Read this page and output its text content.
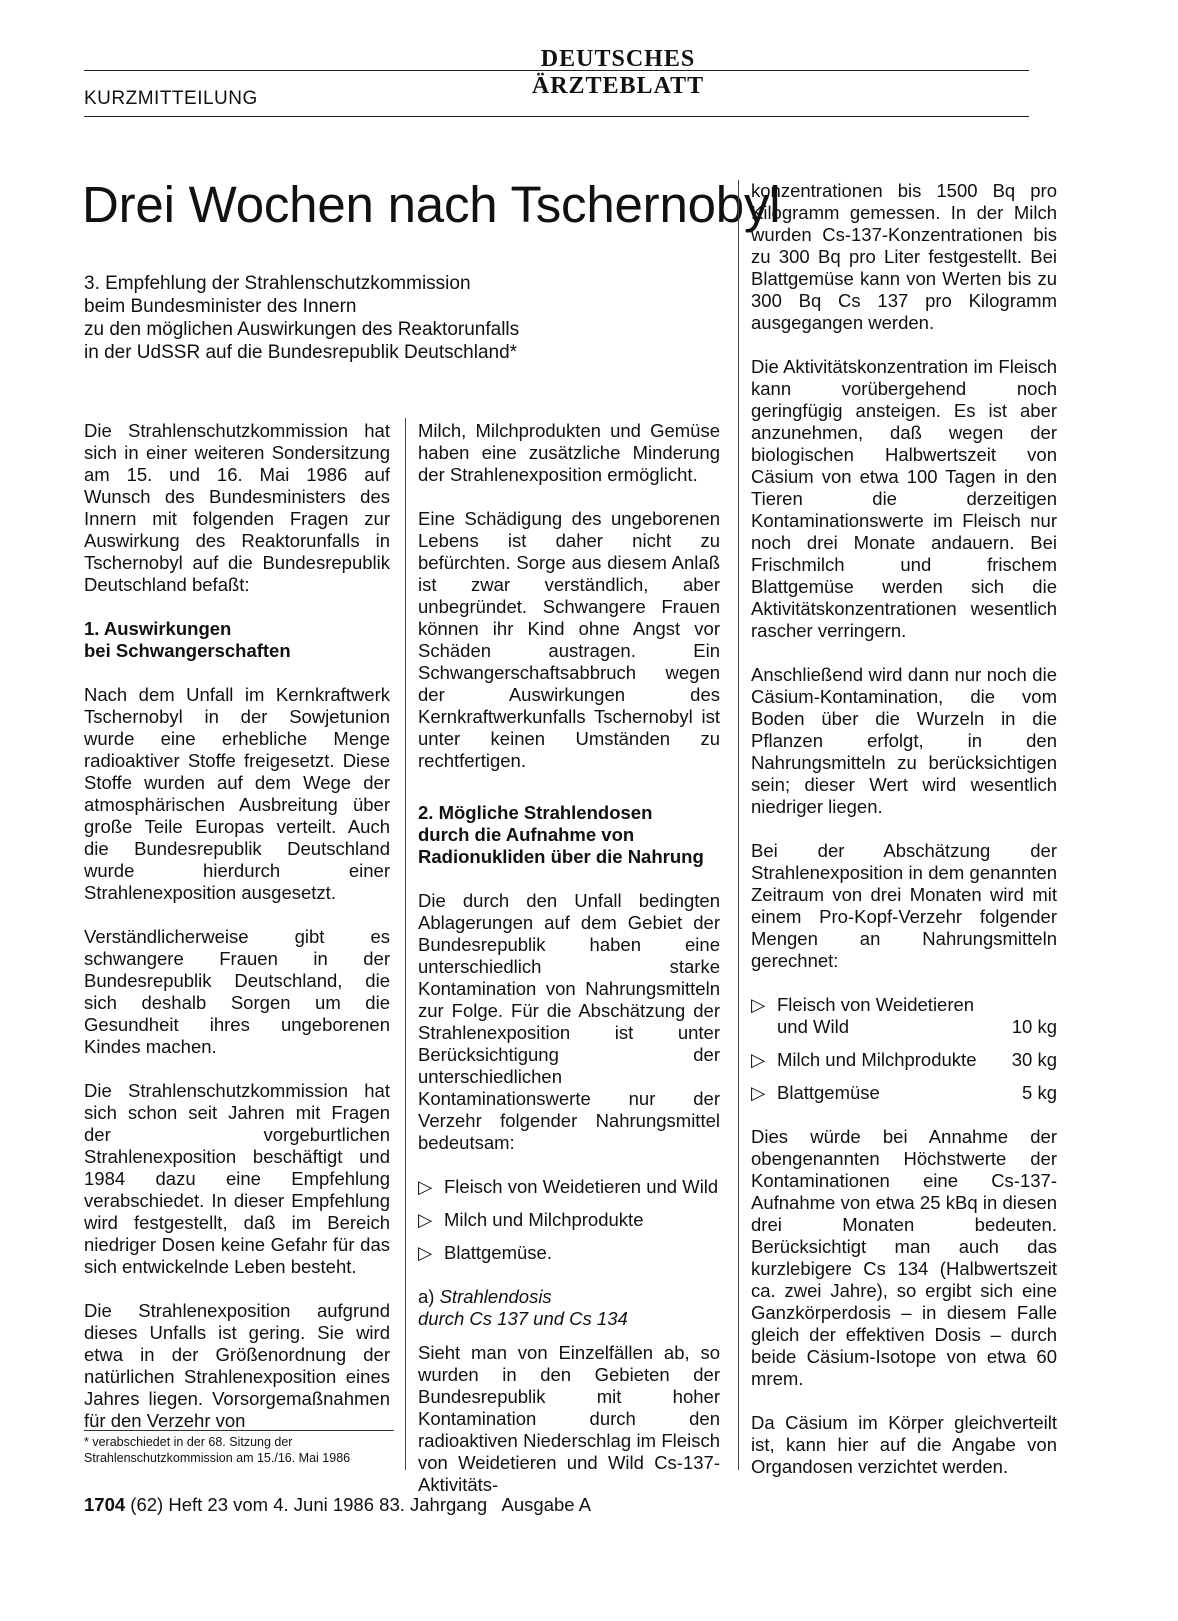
DEUTSCHES ÄRZTEBLATT
KURZMITTEILUNG
Drei Wochen nach Tschernobyl
3. Empfehlung der Strahlenschutzkommission
beim Bundesminister des Innern
zu den möglichen Auswirkungen des Reaktorunfalls
in der UdSSR auf die Bundesrepublik Deutschland*

Die Strahlenschutzkommission hat sich in einer weiteren Sondersitzung am 15. und 16. Mai 1986 auf Wunsch des Bundesministers des Innern mit folgenden Fragen zur Auswirkung des Reaktorunfalls in Tschernobyl auf die Bundesrepublik Deutschland befaßt:

1. Auswirkungen
bei Schwangerschaften

Nach dem Unfall im Kernkraftwerk Tschernobyl in der Sowjetunion wurde eine erhebliche Menge radioaktiver Stoffe freigesetzt. Diese Stoffe wurden auf dem Wege der atmosphärischen Ausbreitung über große Teile Europas verteilt. Auch die Bundesrepublik Deutschland wurde hierdurch einer Strahlenexposition ausgesetzt.

Verständlicherweise gibt es schwangere Frauen in der Bundesrepublik Deutschland, die sich deshalb Sorgen um die Gesundheit ihres ungeborenen Kindes machen.

Die Strahlenschutzkommission hat sich schon seit Jahren mit Fragen der vorgeburtlichen Strahlenexposition beschäftigt und 1984 dazu eine Empfehlung verabschiedet. In dieser Empfehlung wird festgestellt, daß im Bereich niedriger Dosen keine Gefahr für das sich entwickelnde Leben besteht.

Die Strahlenexposition aufgrund dieses Unfalls ist gering. Sie wird etwa in der Größenordnung der natürlichen Strahlenexposition eines Jahres liegen. Vorsorgemaßnahmen für den Verzehr von

* verabschiedet in der 68. Sitzung der Strahlenschutzkommission am 15./16. Mai 1986

Milch, Milchprodukten und Gemüse haben eine zusätzliche Minderung der Strahlenexposition ermöglicht.

Eine Schädigung des ungeborenen Lebens ist daher nicht zu befürchten. Sorge aus diesem Anlaß ist zwar verständlich, aber unbegründet. Schwangere Frauen können ihr Kind ohne Angst vor Schäden austragen. Ein Schwangerschaftsabbruch wegen der Auswirkungen des Kernkraftwerkunfalls Tschernobyl ist unter keinen Umständen zu rechtfertigen.

2. Mögliche Strahlendosen
durch die Aufnahme von Radionukliden über die Nahrung

Die durch den Unfall bedingten Ablagerungen auf dem Gebiet der Bundesrepublik haben eine unterschiedlich starke Kontamination von Nahrungsmitteln zur Folge. Für die Abschätzung der Strahlenexposition ist unter Berücksichtigung der unterschiedlichen Kontaminationswerte nur der Verzehr folgender Nahrungsmittel bedeutsam:

▷ Fleisch von Weidetieren und Wild
▷ Milch und Milchprodukte
▷ Blattgemüse.
a) Strahlendosis
durch Cs 137 und Cs 134

Sieht man von Einzelfällen ab, so wurden in den Gebieten der Bundesrepublik mit hoher Kontamination durch den radioaktiven Niederschlag im Fleisch von Weidetieren und Wild Cs-137-Aktivitäts-

konzentrationen bis 1500 Bq pro Kilogramm gemessen. In der Milch wurden Cs-137-Konzentrationen bis zu 300 Bq pro Liter festgestellt. Bei Blattgemüse kann von Werten bis zu 300 Bq Cs 137 pro Kilogramm ausgegangen werden.

Die Aktivitätskonzentration im Fleisch kann vorübergehend noch geringfügig ansteigen. Es ist aber anzunehmen, daß wegen der biologischen Halbwertszeit von Cäsium von etwa 100 Tagen in den Tieren die derzeitigen Kontaminationswerte im Fleisch nur noch drei Monate andauern. Bei Frischmilch und frischem Blattgemüse werden sich die Aktivitätskonzentrationen wesentlich rascher verringern.

Anschließend wird dann nur noch die Cäsium-Kontamination, die vom Boden über die Wurzeln in die Pflanzen erfolgt, in den Nahrungsmitteln zu berücksichtigen sein; dieser Wert wird wesentlich niedriger liegen.

Bei der Abschätzung der Strahlenexposition in dem genannten Zeitraum von drei Monaten wird mit einem Pro-Kopf-Verzehr folgender Mengen an Nahrungsmitteln gerechnet:

▷ Fleisch von Weidetieren und Wild	10 kg
▷ Milch und Milchprodukte 30 kg
▷ Blattgemüse	5 kg

Dies würde bei Annahme der obengenannten Höchstwerte der Kontaminationen eine Cs-137-Aufnahme von etwa 25 kBq in diesen drei Monaten bedeuten. Berücksichtigt man auch das kurzlebigere Cs 134 (Halbwertszeit ca. zwei Jahre), so ergibt sich eine Ganzkörperdosis – in diesem Falle gleich der effektiven Dosis – durch beide Cäsium-Isotope von etwa 60 mrem.

Da Cäsium im Körper gleichverteilt ist, kann hier auf die Angabe von Organdosen verzichtet werden.

1704 (62) Heft 23 vom 4. Juni 1986 83. Jahrgang   Ausgabe A
